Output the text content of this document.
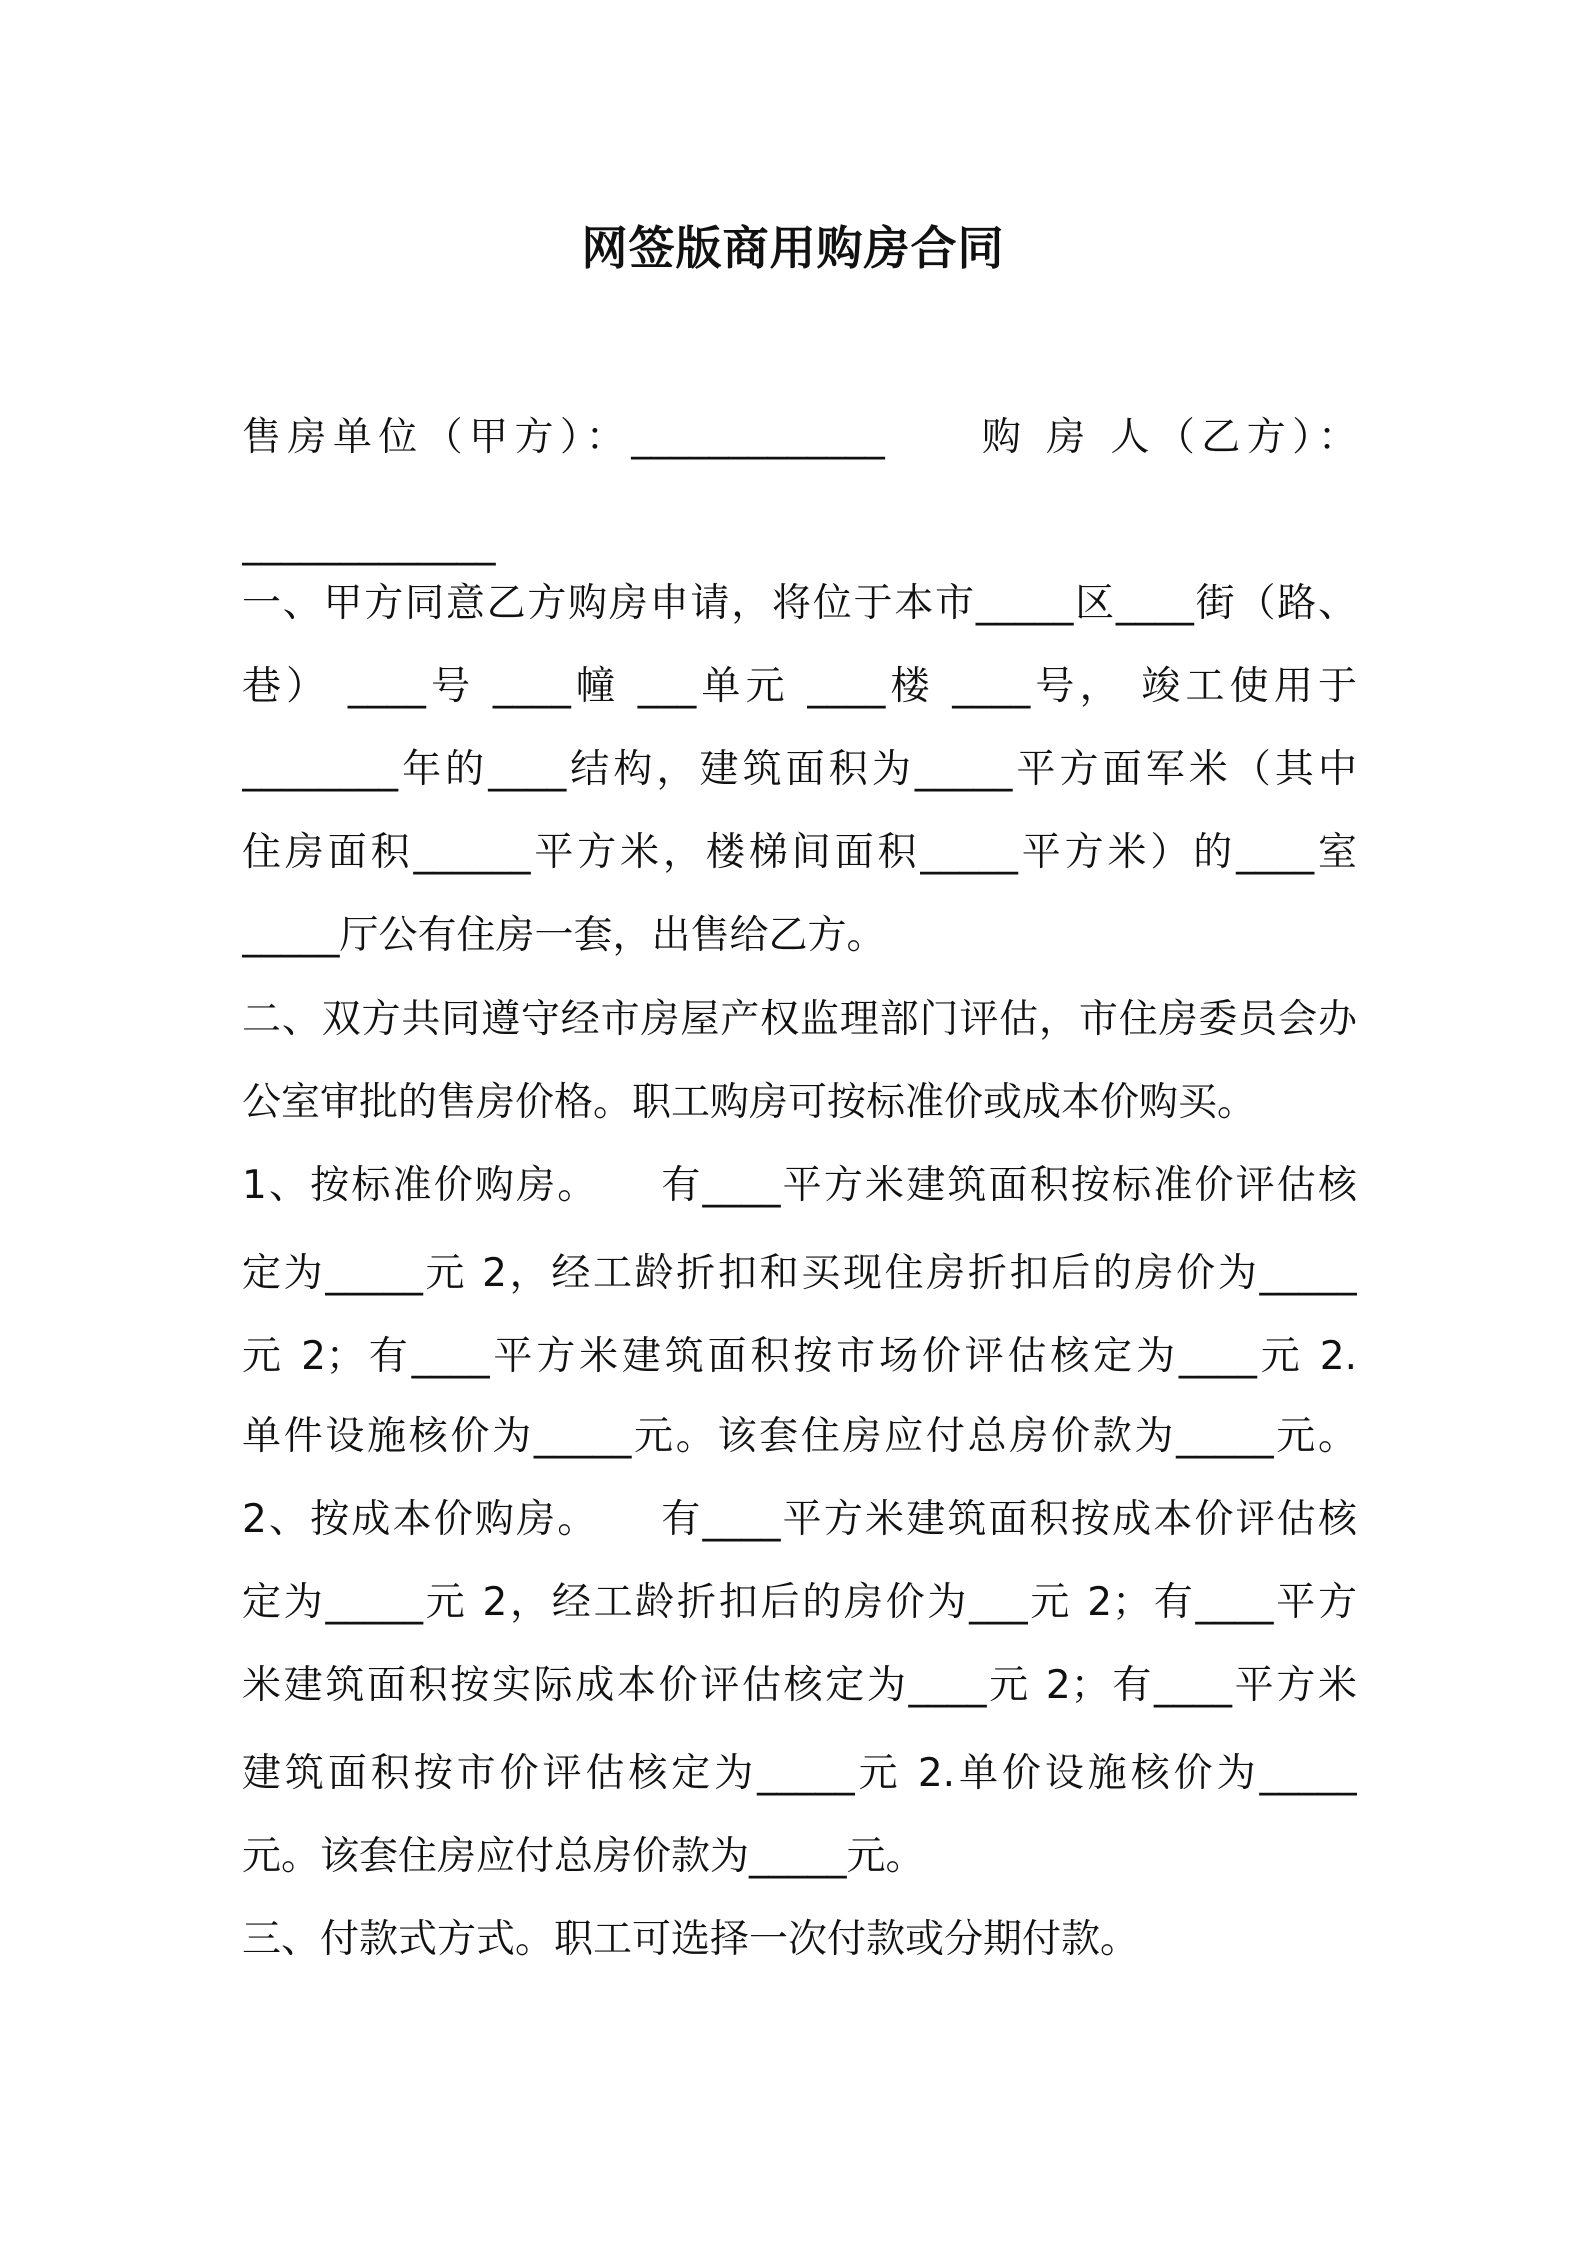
网签版商用购房合同
售房单位（甲方）：_____________　　购 房 人（乙方）：
_____________
一、甲方同意乙方购房申请，将位于本市_____区____街（路、
巷） ____号 ____幢 ___单元 ____楼 ____号， 竣工使用于
________年的____结构，建筑面积为_____平方面军米（其中
住房面积______平方米，楼梯间面积_____平方米）的____室
_____厅公有住房一套，出售给乙方。
二、双方共同遵守经市房屋产权监理部门评估，市住房委员会办
公室审批的售房价格。职工购房可按标准价或成本价购买。
1、按标准价购房。　　有____平方米建筑面积按标准价评估核
定为_____元 2，经工龄折扣和买现住房折扣后的房价为_____
元 2；有____平方米建筑面积按市场价评估核定为____元 2.
单件设施核价为_____元。该套住房应付总房价款为_____元。
2、按成本价购房。　　有____平方米建筑面积按成本价评估核
定为_____元 2，经工龄折扣后的房价为___元 2；有____平方
米建筑面积按实际成本价评估核定为____元 2；有____平方米
建筑面积按市价评估核定为_____元 2.单价设施核价为_____
元。该套住房应付总房价款为_____元。
三、付款式方式。职工可选择一次付款或分期付款。
